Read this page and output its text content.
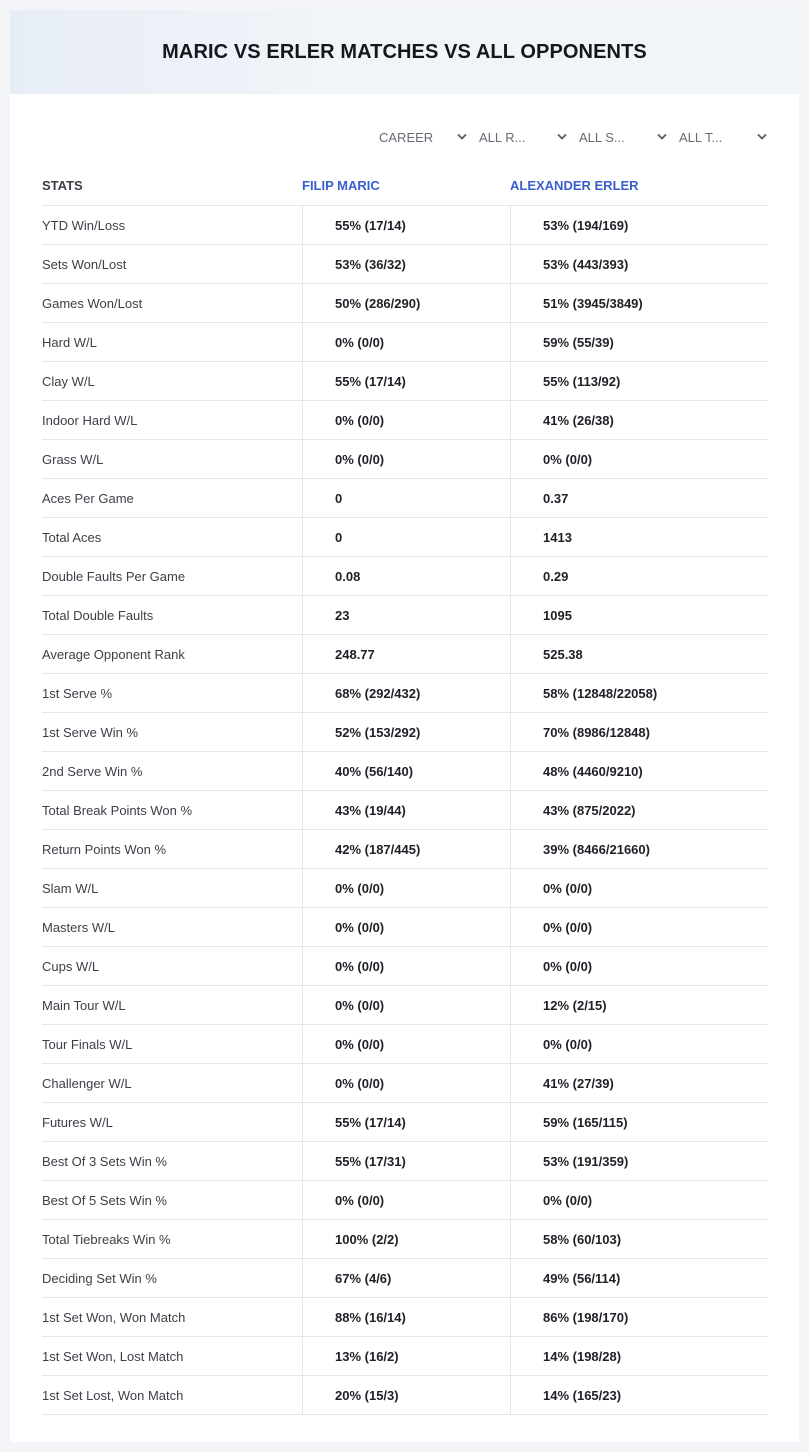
MARIC VS ERLER MATCHES VS ALL OPPONENTS
CAREER	ALL R...	ALL S...	ALL T...
STATS	FILIP MARIC	ALEXANDER ERLER
YTD Win/Loss	55% (17/14)	53% (194/169)
Sets Won/Lost	53% (36/32)	53% (443/393)
Games Won/Lost	50% (286/290)	51% (3945/3849)
Hard W/L	0% (0/0)	59% (55/39)
Clay W/L	55% (17/14)	55% (113/92)
Indoor Hard W/L	0% (0/0)	41% (26/38)
Grass W/L	0% (0/0)	0% (0/0)
Aces Per Game	0	0.37
Total Aces	0	1413
Double Faults Per Game	0.08	0.29
Total Double Faults	23	1095
Average Opponent Rank	248.77	525.38
1st Serve %	68% (292/432)	58% (12848/22058)
1st Serve Win %	52% (153/292)	70% (8986/12848)
2nd Serve Win %	40% (56/140)	48% (4460/9210)
Total Break Points Won %	43% (19/44)	43% (875/2022)
Return Points Won %	42% (187/445)	39% (8466/21660)
Slam W/L	0% (0/0)	0% (0/0)
Masters W/L	0% (0/0)	0% (0/0)
Cups W/L	0% (0/0)	0% (0/0)
Main Tour W/L	0% (0/0)	12% (2/15)
Tour Finals W/L	0% (0/0)	0% (0/0)
Challenger W/L	0% (0/0)	41% (27/39)
Futures W/L	55% (17/14)	59% (165/115)
Best Of 3 Sets Win %	55% (17/31)	53% (191/359)
Best Of 5 Sets Win %	0% (0/0)	0% (0/0)
Total Tiebreaks Win %	100% (2/2)	58% (60/103)
Deciding Set Win %	67% (4/6)	49% (56/114)
1st Set Won, Won Match	88% (16/14)	86% (198/170)
1st Set Won, Lost Match	13% (16/2)	14% (198/28)
1st Set Lost, Won Match	20% (15/3)	14% (165/23)
